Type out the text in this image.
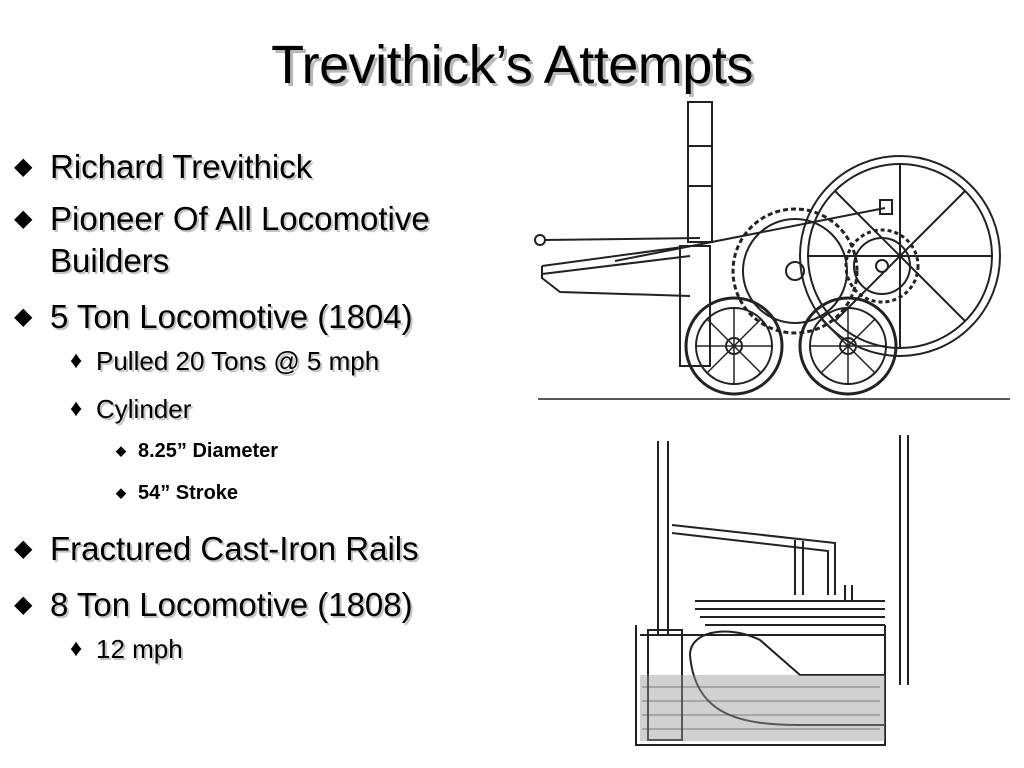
Trevithick’s Attempts
◆ Richard Trevithick
◆ Pioneer Of All Locomotive Builders
◆ 5 Ton Locomotive (1804)
♦ Pulled 20 Tons @ 5 mph
♦ Cylinder
◆ 8.25” Diameter
◆ 54” Stroke
◆ Fractured Cast-Iron Rails
◆ 8 Ton Locomotive (1808)
♦ 12 mph
